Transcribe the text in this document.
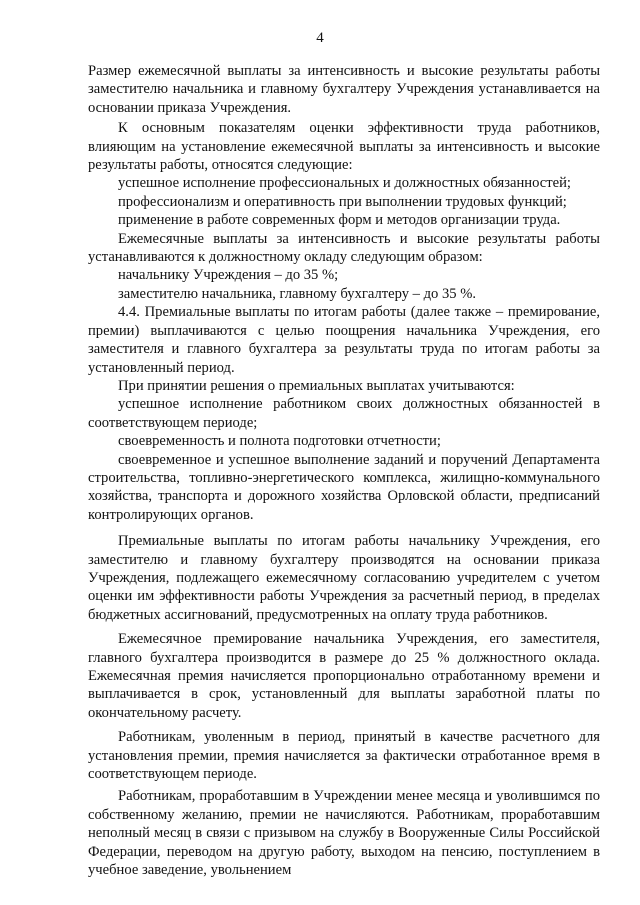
4

Размер ежемесячной выплаты за интенсивность и высокие результаты работы заместителю начальника и главному бухгалтеру Учреждения устанавливается на основании приказа Учреждения.

К основным показателям оценки эффективности труда работников, влияющим на установление ежемесячной выплаты за интенсивность и высокие результаты работы, относятся следующие:

успешное исполнение профессиональных и должностных обязанностей;

профессионализм и оперативность при выполнении трудовых функций;

применение в работе современных форм и методов организации труда.

Ежемесячные выплаты за интенсивность и высокие результаты работы устанавливаются к должностному окладу следующим образом:

начальнику Учреждения – до 35 %;

заместителю начальника, главному бухгалтеру – до 35 %.

4.4. Премиальные выплаты по итогам работы (далее также – премирование, премии) выплачиваются с целью поощрения начальника Учреждения, его заместителя и главного бухгалтера за результаты труда по итогам работы за установленный период.

При принятии решения о премиальных выплатах учитываются:

успешное исполнение работником своих должностных обязанностей в соответствующем периоде;

своевременность и полнота подготовки отчетности;

своевременное и успешное выполнение заданий и поручений Департамента строительства, топливно-энергетического комплекса, жилищно-коммунального хозяйства, транспорта и дорожного хозяйства Орловской области, предписаний контролирующих органов.

Премиальные выплаты по итогам работы начальнику Учреждения, его заместителю и главному бухгалтеру производятся на основании приказа Учреждения, подлежащего ежемесячному согласованию учредителем с учетом оценки им эффективности работы Учреждения за расчетный период, в пределах бюджетных ассигнований, предусмотренных на оплату труда работников.

Ежемесячное премирование начальника Учреждения, его заместителя, главного бухгалтера производится в размере до 25 % должностного оклада. Ежемесячная премия начисляется пропорционально отработанному времени и выплачивается в срок, установленный для выплаты заработной платы по окончательному расчету.

Работникам, уволенным в период, принятый в качестве расчетного для установления премии, премия начисляется за фактически отработанное время в соответствующем периоде.

Работникам, проработавшим в Учреждении менее месяца и уволившимся по собственному желанию, премии не начисляются. Работникам, проработавшим неполный месяц в связи с призывом на службу в Вооруженные Силы Российской Федерации, переводом на другую работу, выходом на пенсию, поступлением в учебное заведение, увольнением
